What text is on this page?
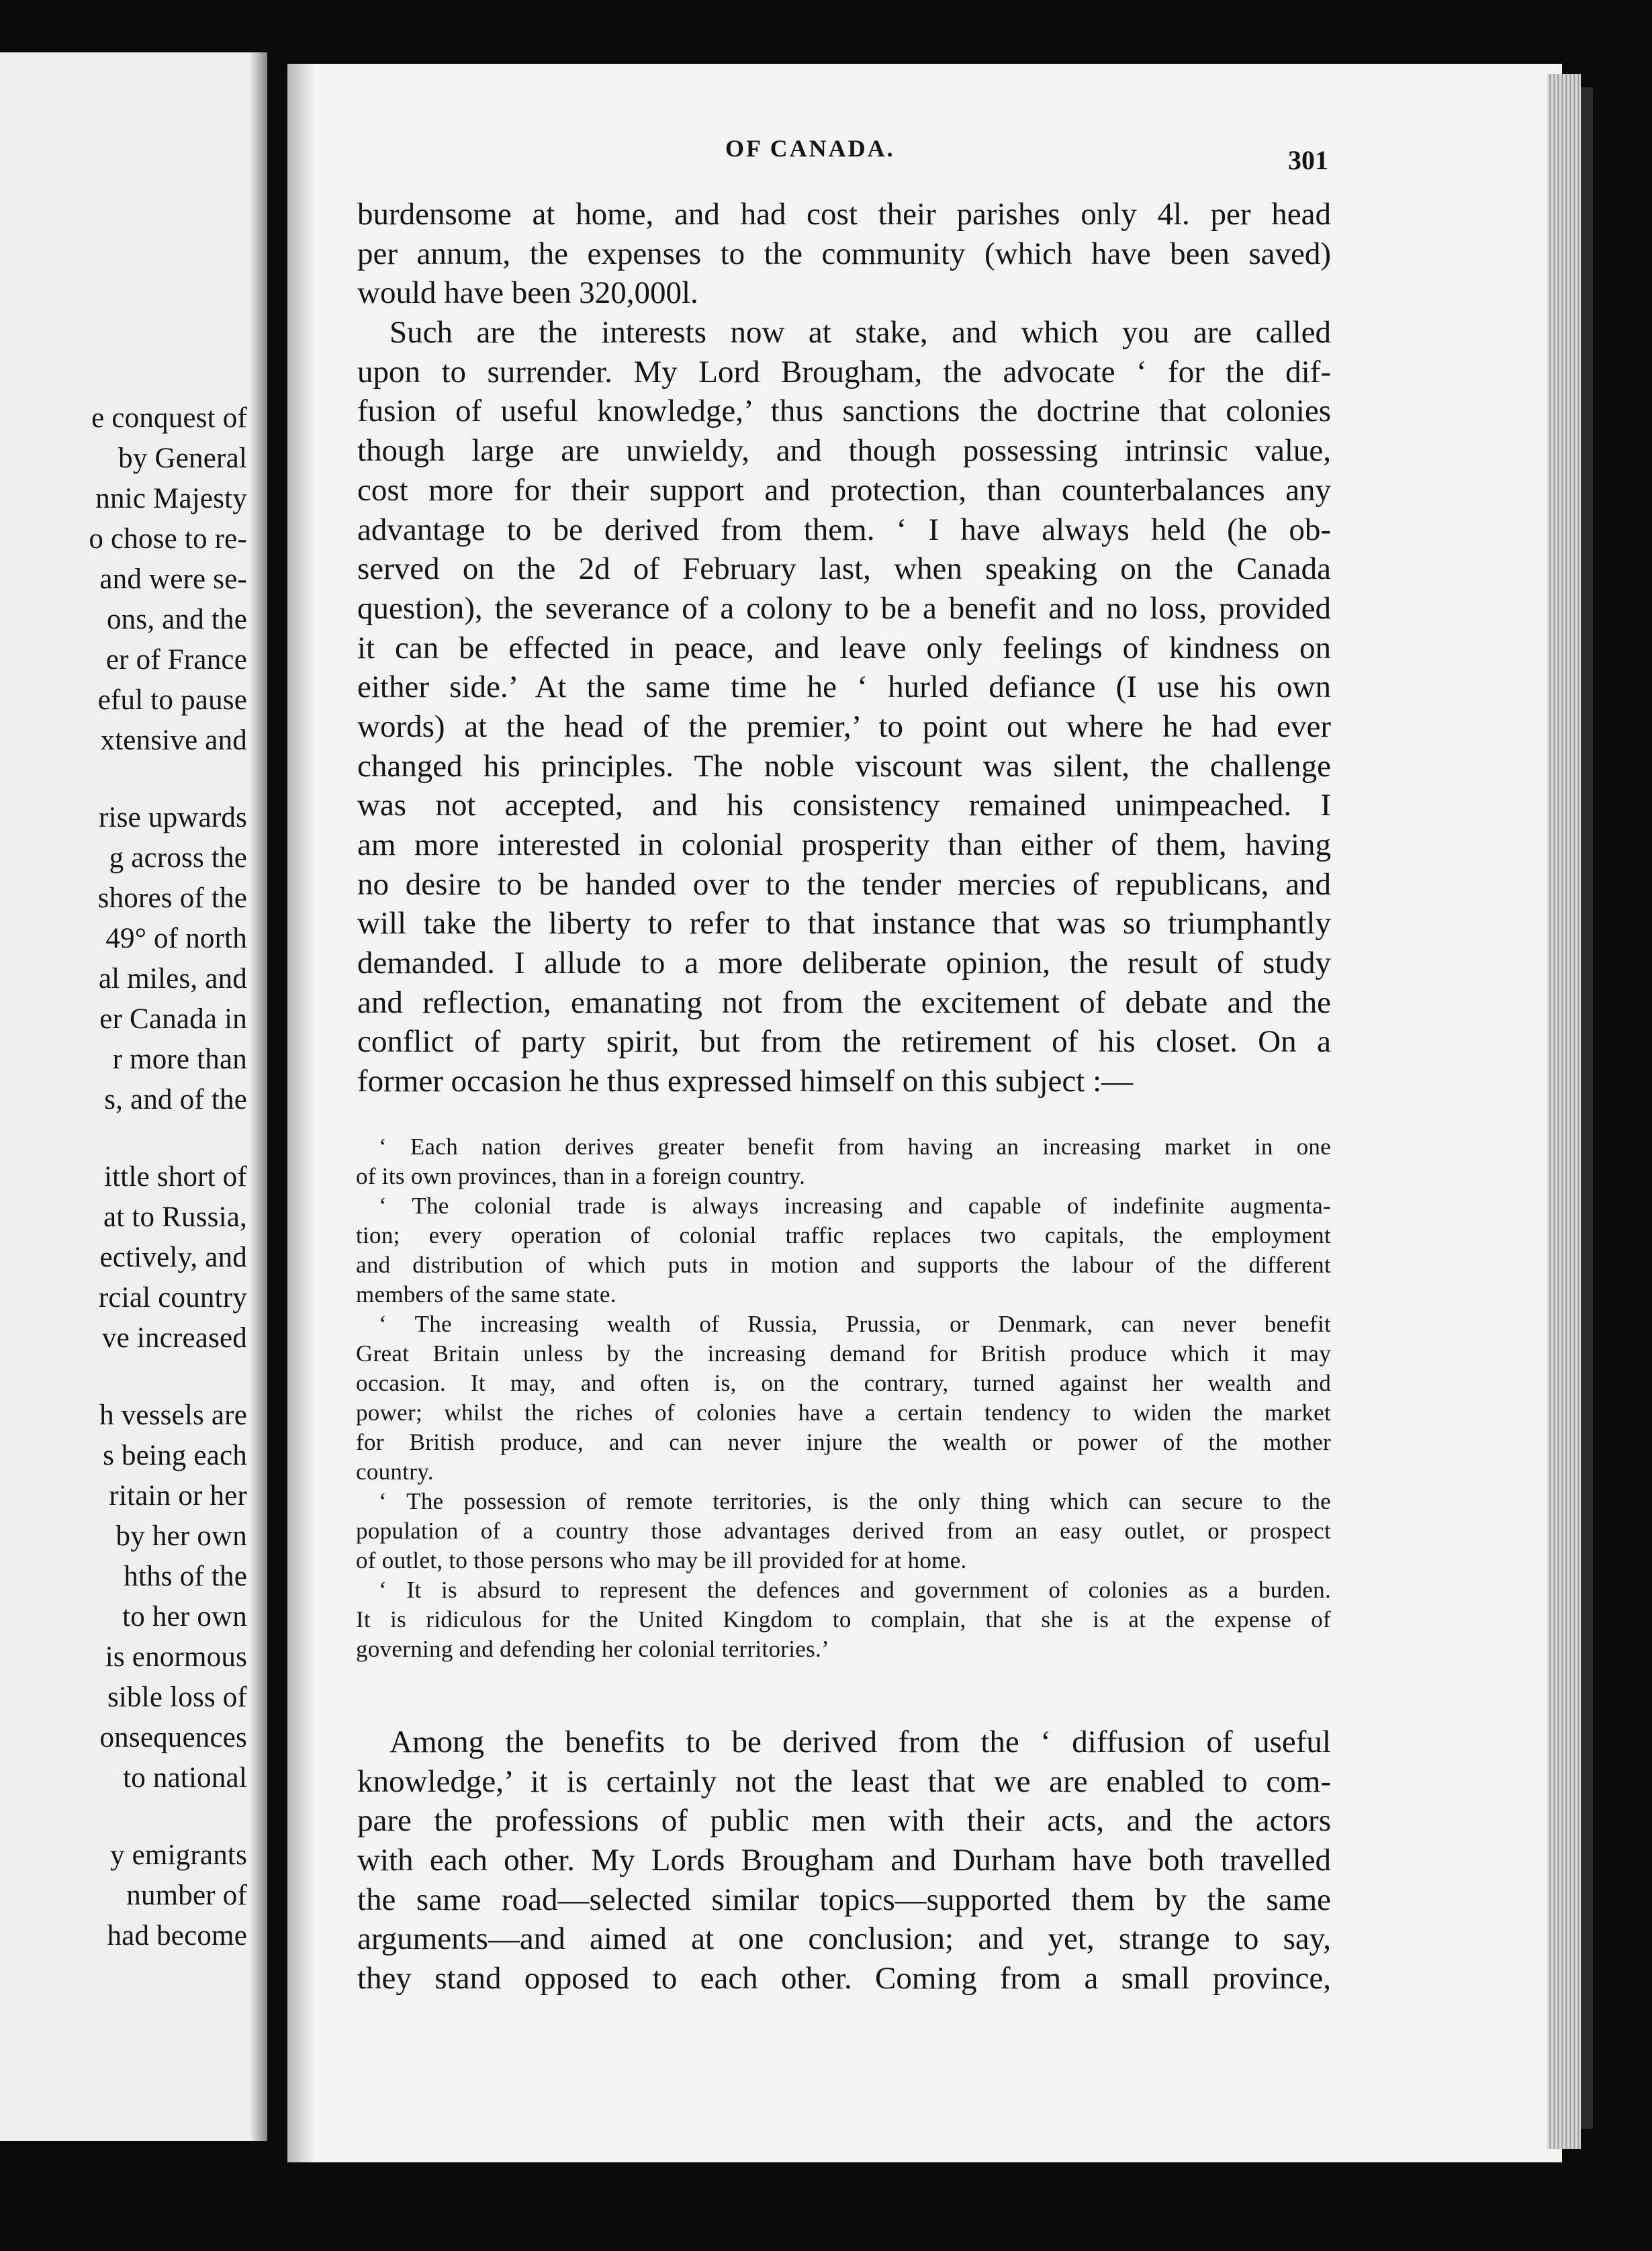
e conquest of
by General
nnic Majesty
o chose to re-
and were se-
ons, and the
er of France
eful to pause
xtensive and
rise upwards
g across the
shores of the
49° of north
al miles, and
er Canada in
r more than
s, and of the
ittle short of
at to Russia,
ectively, and
rcial country
ve increased
h vessels are
s being each
ritain or her
by her own
hths of the
to her own
is enormous
sible loss of
onsequences
to national
y emigrants
number of
had become
OF CANADA.	301
burdensome at home, and had cost their parishes only 4l. per head
per annum, the expenses to the community (which have been saved)
would have been 320,000l.
Such are the interests now at stake, and which you are called
upon to surrender. My Lord Brougham, the advocate ‘ for the dif-
fusion of useful knowledge,’ thus sanctions the doctrine that colonies
though large are unwieldy, and though possessing intrinsic value,
cost more for their support and protection, than counterbalances any
advantage to be derived from them. ‘ I have always held (he ob-
served on the 2d of February last, when speaking on the Canada
question), the severance of a colony to be a benefit and no loss, provided
it can be effected in peace, and leave only feelings of kindness on
either side.’ At the same time he ‘ hurled defiance (I use his own
words) at the head of the premier,’ to point out where he had ever
changed his principles. The noble viscount was silent, the challenge
was not accepted, and his consistency remained unimpeached. I
am more interested in colonial prosperity than either of them, having
no desire to be handed over to the tender mercies of republicans, and
will take the liberty to refer to that instance that was so triumphantly
demanded. I allude to a more deliberate opinion, the result of study
and reflection, emanating not from the excitement of debate and the
conflict of party spirit, but from the retirement of his closet. On a
former occasion he thus expressed himself on this subject :—
‘ Each nation derives greater benefit from having an increasing market in one
of its own provinces, than in a foreign country.
‘ The colonial trade is always increasing and capable of indefinite augmenta-
tion; every operation of colonial traffic replaces two capitals, the employment
and distribution of which puts in motion and supports the labour of the different
members of the same state.
‘ The increasing wealth of Russia, Prussia, or Denmark, can never benefit
Great Britain unless by the increasing demand for British produce which it may
occasion. It may, and often is, on the contrary, turned against her wealth and
power; whilst the riches of colonies have a certain tendency to widen the market
for British produce, and can never injure the wealth or power of the mother
country.
‘ The possession of remote territories, is the only thing which can secure to the
population of a country those advantages derived from an easy outlet, or prospect
of outlet, to those persons who may be ill provided for at home.
‘ It is absurd to represent the defences and government of colonies as a burden.
It is ridiculous for the United Kingdom to complain, that she is at the expense of
governing and defending her colonial territories.’
Among the benefits to be derived from the ‘ diffusion of useful
knowledge,’ it is certainly not the least that we are enabled to com-
pare the professions of public men with their acts, and the actors
with each other. My Lords Brougham and Durham have both travelled
the same road—selected similar topics—supported them by the same
arguments—and aimed at one conclusion; and yet, strange to say,
they stand opposed to each other. Coming from a small province,
